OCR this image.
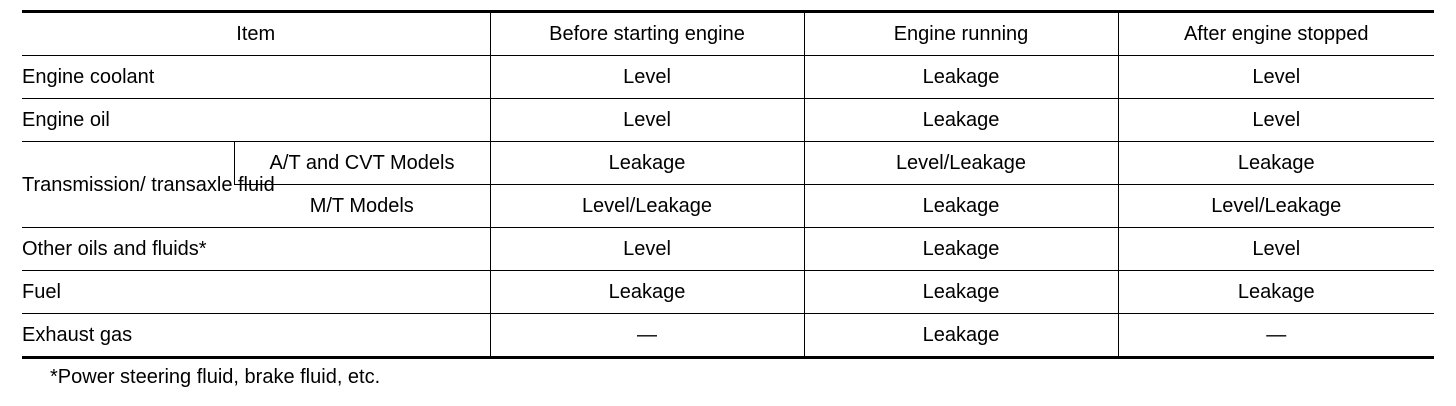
Item		Before starting engine	Engine running	After engine stopped
Engine coolant		Level	Leakage	Level
Engine oil		Level	Leakage	Level
Transmission/ transaxle fluid	A/T and CVT Models	Leakage	Level/Leakage	Leakage
	M/T Models	Level/Leakage	Leakage	Level/Leakage
Other oils and fluids*		Level	Leakage	Level
Fuel		Leakage	Leakage	Leakage
Exhaust gas		—	Leakage	—
*Power steering fluid, brake fluid, etc.
